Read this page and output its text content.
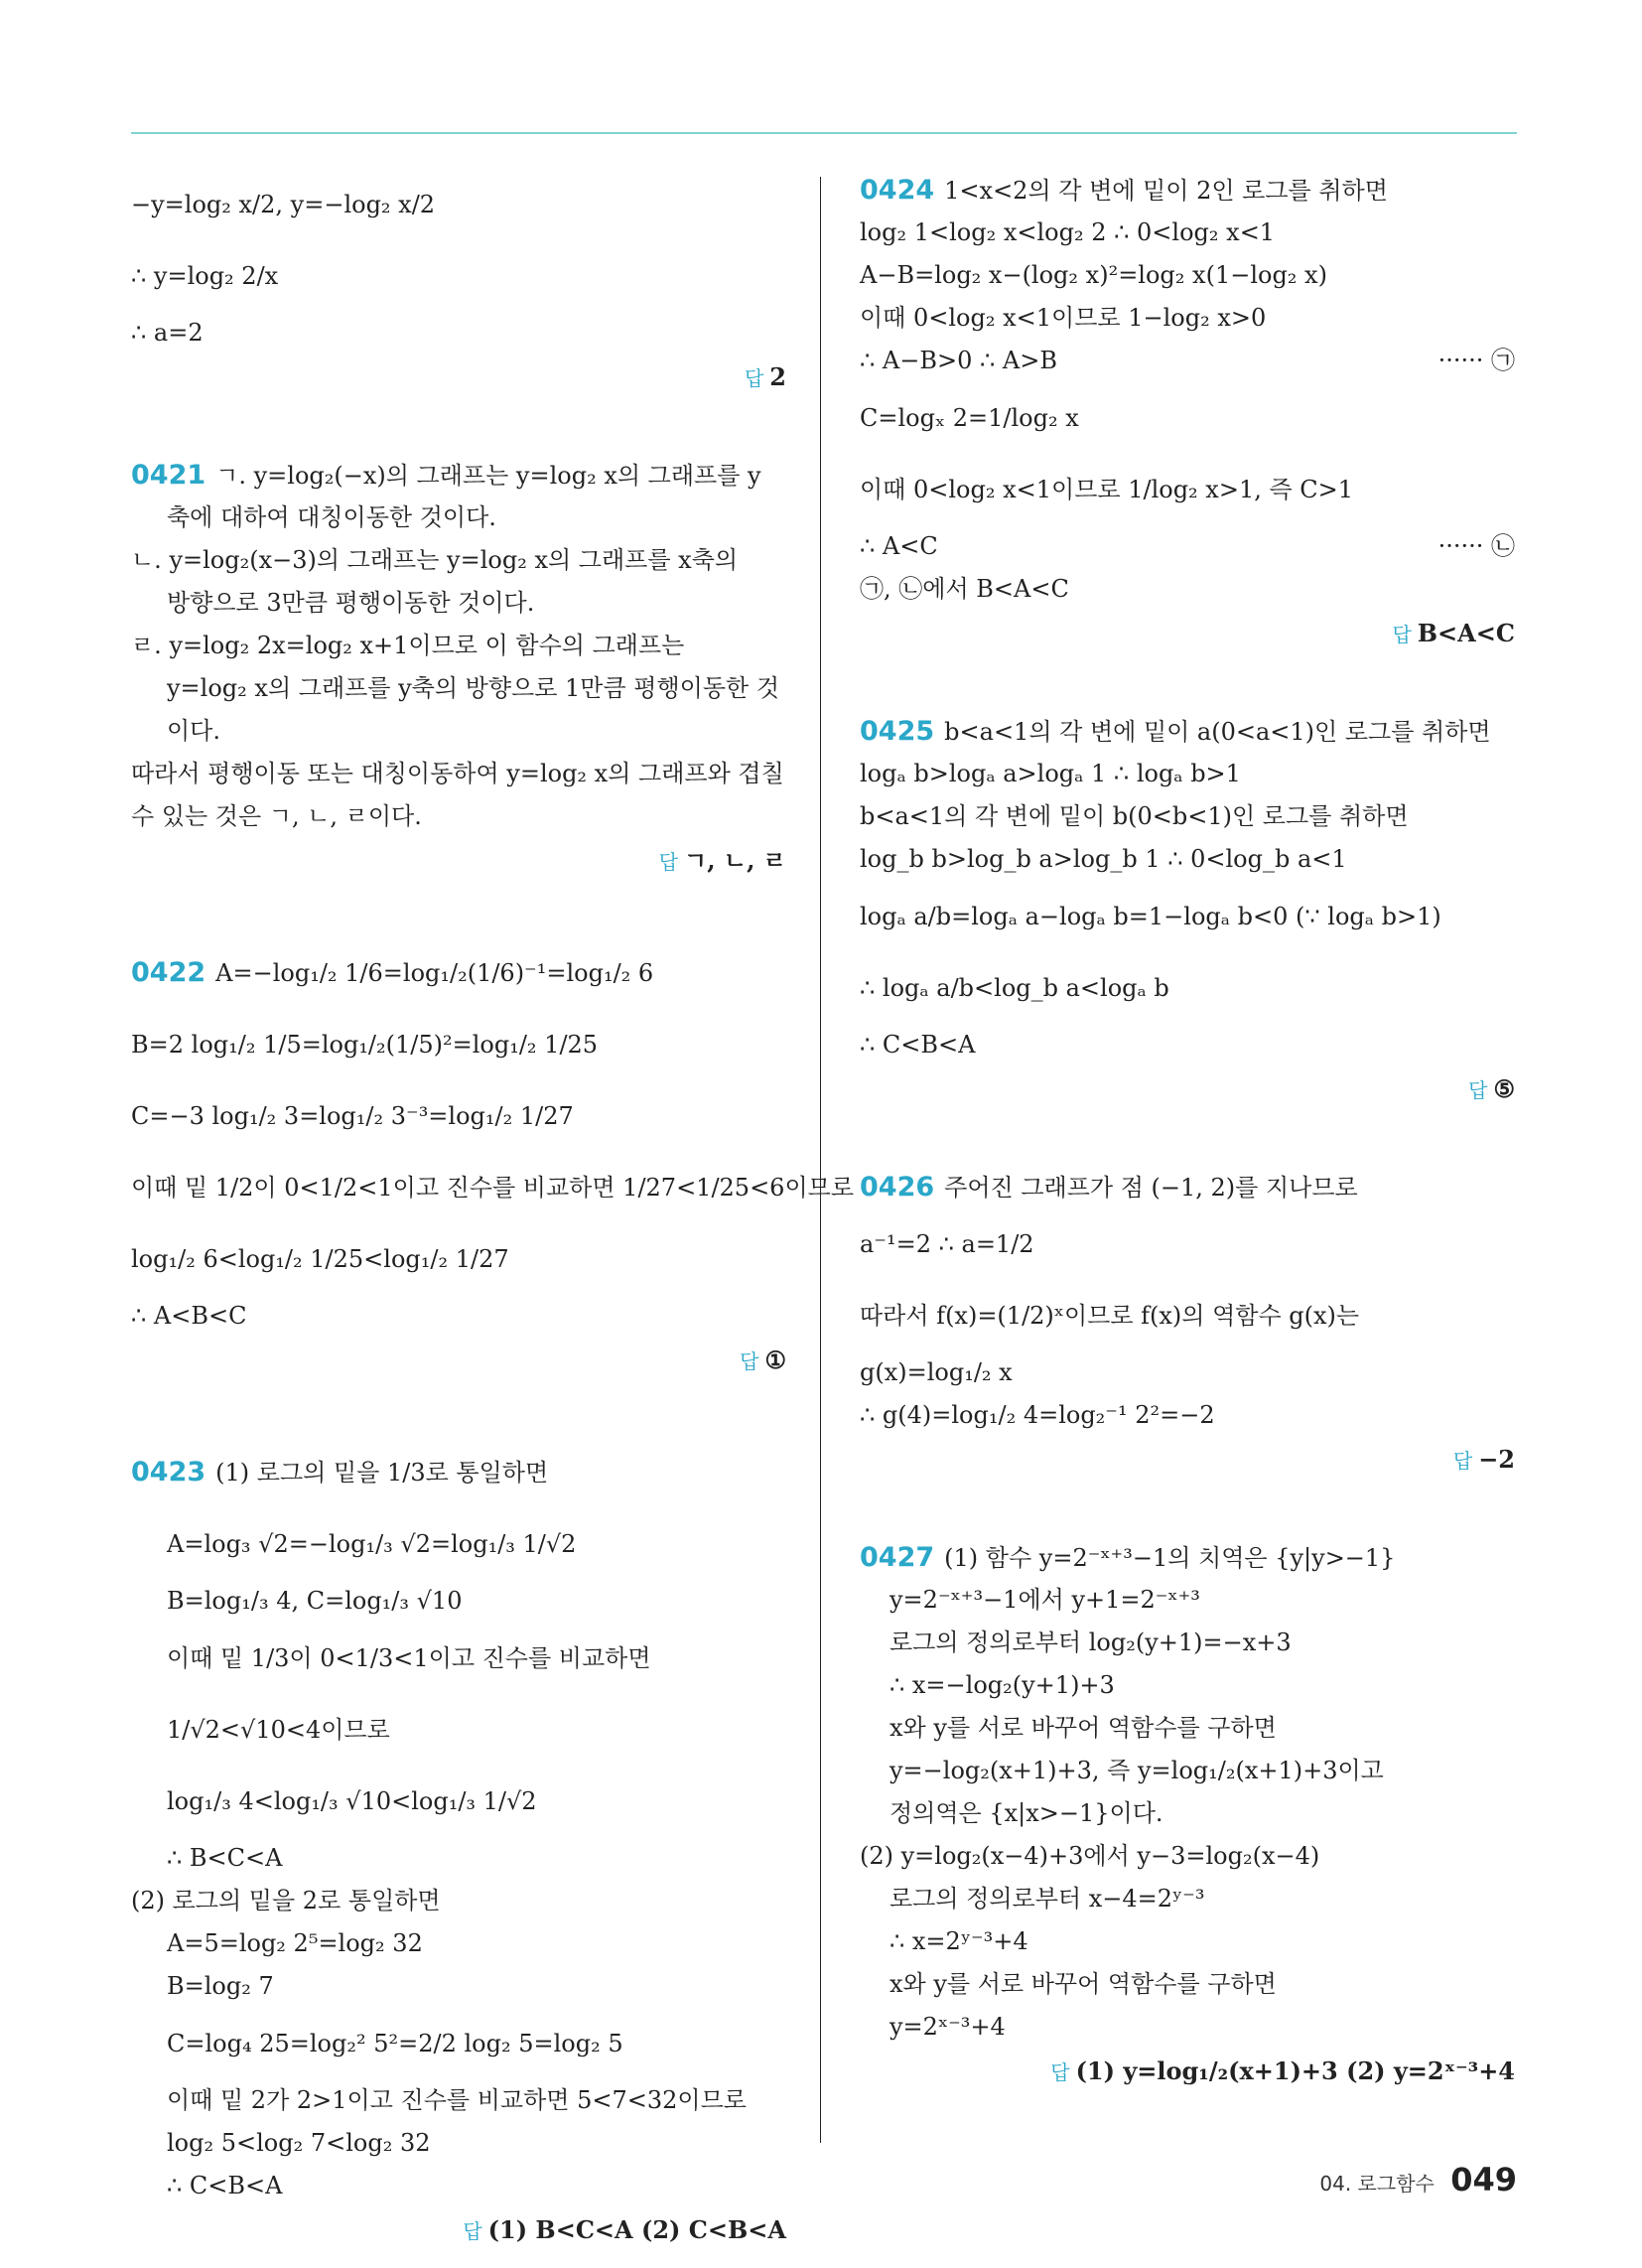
−y=log₂ x/2, y=−log₂ x/2
∴ y=log₂ 2/x
∴ a=2
답 2
0421 ㄱ. y=log₂(−x)의 그래프는 y=log₂ x의 그래프를 y
축에 대하여 대칭이동한 것이다.
ㄴ. y=log₂(x−3)의 그래프는 y=log₂ x의 그래프를 x축의
방향으로 3만큼 평행이동한 것이다.
ㄹ. y=log₂ 2x=log₂ x+1이므로 이 함수의 그래프는
y=log₂ x의 그래프를 y축의 방향으로 1만큼 평행이동한 것
이다.
따라서 평행이동 또는 대칭이동하여 y=log₂ x의 그래프와 겹칠
수 있는 것은 ㄱ, ㄴ, ㄹ이다.
답 ㄱ, ㄴ, ㄹ
0422 A=−log₁/₂ 1/6=log₁/₂(1/6)⁻¹=log₁/₂ 6
B=2 log₁/₂ 1/5=log₁/₂(1/5)²=log₁/₂ 1/25
C=−3 log₁/₂ 3=log₁/₂ 3⁻³=log₁/₂ 1/27
이때 밑 1/2이 0<1/2<1이고 진수를 비교하면 1/27<1/25<6이므로
log₁/₂ 6<log₁/₂ 1/25<log₁/₂ 1/27
∴ A<B<C
답 ①
0423 (1) 로그의 밑을 1/3로 통일하면
A=log₃ √2=−log₁/₃ √2=log₁/₃ 1/√2
B=log₁/₃ 4, C=log₁/₃ √10
이때 밑 1/3이 0<1/3<1이고 진수를 비교하면
1/√2<√10<4이므로
log₁/₃ 4<log₁/₃ √10<log₁/₃ 1/√2
∴ B<C<A
(2) 로그의 밑을 2로 통일하면
A=5=log₂ 2⁵=log₂ 32
B=log₂ 7
C=log₄ 25=log₂² 5²=2/2 log₂ 5=log₂ 5
이때 밑 2가 2>1이고 진수를 비교하면 5<7<32이므로
log₂ 5<log₂ 7<log₂ 32
∴ C<B<A
답 (1) B<C<A (2) C<B<A
0424 1<x<2의 각 변에 밑이 2인 로그를 취하면
log₂ 1<log₂ x<log₂ 2 ∴ 0<log₂ x<1
A−B=log₂ x−(log₂ x)²=log₂ x(1−log₂ x)
이때 0<log₂ x<1이므로 1−log₂ x>0
∴ A−B>0 ∴ A>B	······ ㉠
C=logₓ 2=1/log₂ x
이때 0<log₂ x<1이므로 1/log₂ x>1, 즉 C>1
∴ A<C	······ ㉡
㉠, ㉡에서 B<A<C
답 B<A<C
0425 b<a<1의 각 변에 밑이 a(0<a<1)인 로그를 취하면
logₐ b>logₐ a>logₐ 1 ∴ logₐ b>1
b<a<1의 각 변에 밑이 b(0<b<1)인 로그를 취하면
log_b b>log_b a>log_b 1 ∴ 0<log_b a<1
logₐ a/b=logₐ a−logₐ b=1−logₐ b<0 (∵ logₐ b>1)
∴ logₐ a/b<log_b a<logₐ b
∴ C<B<A
답 ⑤
0426 주어진 그래프가 점 (−1, 2)를 지나므로
a⁻¹=2 ∴ a=1/2
따라서 f(x)=(1/2)ˣ이므로 f(x)의 역함수 g(x)는
g(x)=log₁/₂ x
∴ g(4)=log₁/₂ 4=log₂⁻¹ 2²=−2
답 −2
0427 (1) 함수 y=2⁻ˣ⁺³−1의 치역은 {y|y>−1}
y=2⁻ˣ⁺³−1에서 y+1=2⁻ˣ⁺³
로그의 정의로부터 log₂(y+1)=−x+3
∴ x=−log₂(y+1)+3
x와 y를 서로 바꾸어 역함수를 구하면
y=−log₂(x+1)+3, 즉 y=log₁/₂(x+1)+3이고
정의역은 {x|x>−1}이다.
(2) y=log₂(x−4)+3에서 y−3=log₂(x−4)
로그의 정의로부터 x−4=2ʸ⁻³
∴ x=2ʸ⁻³+4
x와 y를 서로 바꾸어 역함수를 구하면
y=2ˣ⁻³+4
답 (1) y=log₁/₂(x+1)+3 (2) y=2ˣ⁻³+4
04. 로그함수 049
